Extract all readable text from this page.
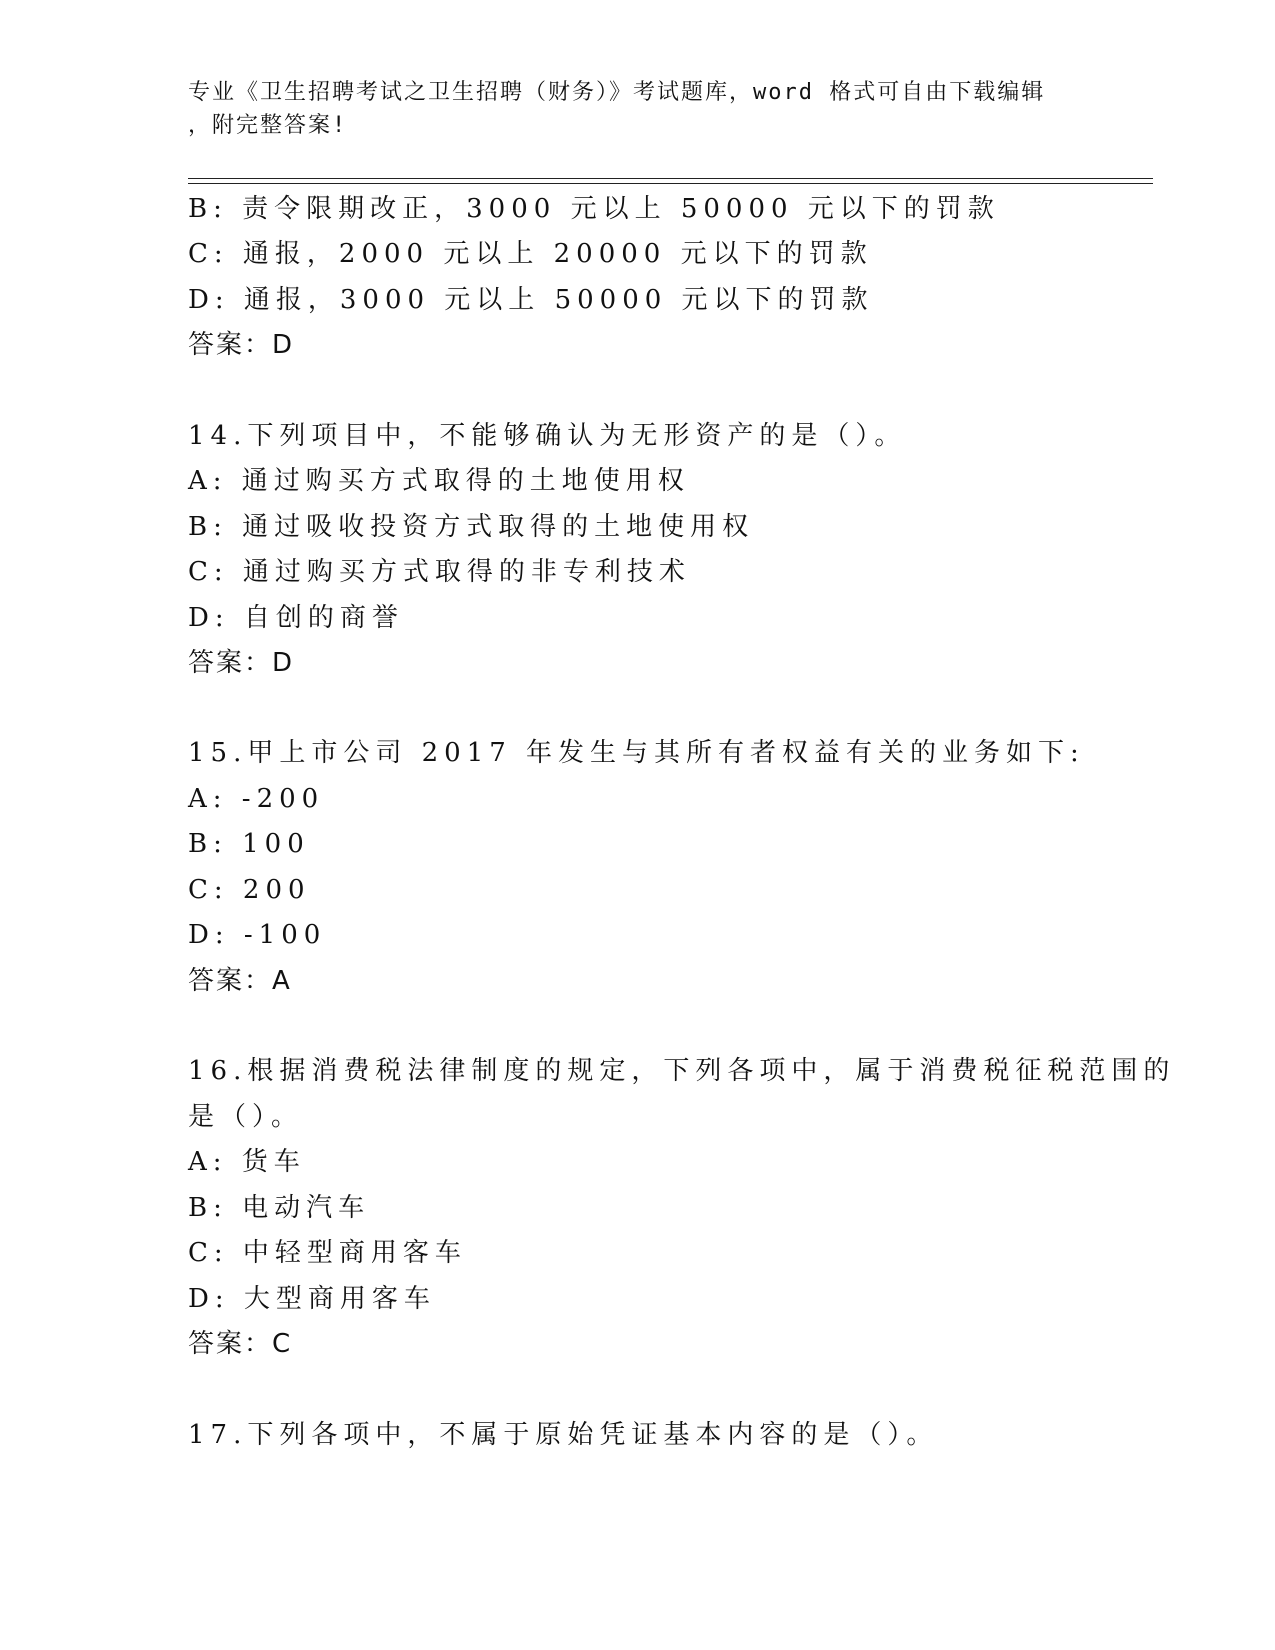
专业《卫生招聘考试之卫生招聘（财务）》考试题库，word 格式可自由下载编辑
，附完整答案!
B: 责令限期改正，3000 元以上 50000 元以下的罚款
C: 通报，2000 元以上 20000 元以下的罚款
D: 通报，3000 元以上 50000 元以下的罚款
答案：D
14.下列项目中，不能够确认为无形资产的是（）。
A: 通过购买方式取得的土地使用权
B: 通过吸收投资方式取得的土地使用权
C: 通过购买方式取得的非专利技术
D: 自创的商誉
答案：D
15.甲上市公司 2017 年发生与其所有者权益有关的业务如下:
A: -200
B: 100
C: 200
D: -100
答案：A
16.根据消费税法律制度的规定，下列各项中，属于消费税征税范围的
是（）。
A: 货车
B: 电动汽车
C: 中轻型商用客车
D: 大型商用客车
答案：C
17.下列各项中，不属于原始凭证基本内容的是（）。
